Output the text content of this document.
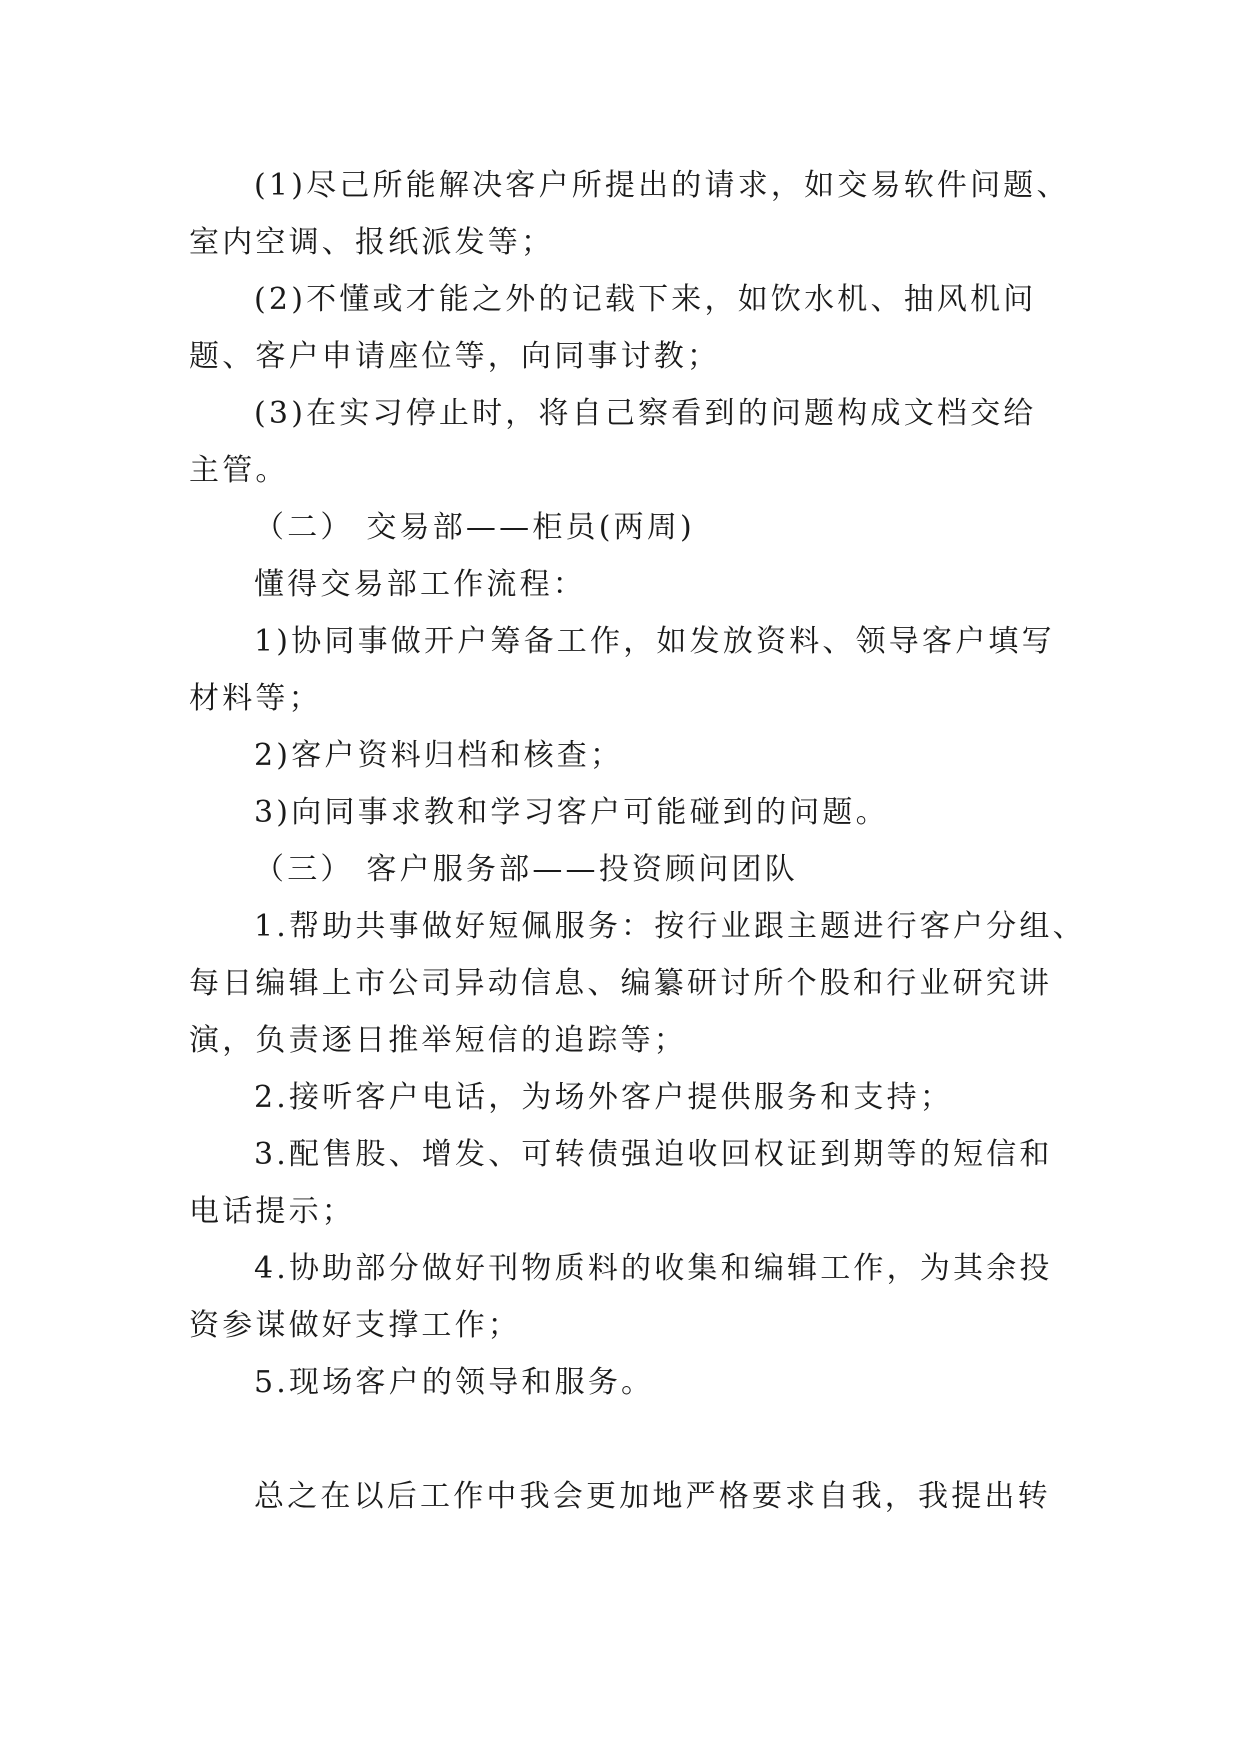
(1)尽己所能解决客户所提出的请求，如交易软件问题、
室内空调、报纸派发等；
(2)不懂或才能之外的记载下来，如饮水机、抽风机问
题、客户申请座位等，向同事讨教；
(3)在实习停止时，将自己察看到的问题构成文档交给
主管。
（二） 交易部——柜员(两周)
懂得交易部工作流程：
1)协同事做开户筹备工作，如发放资料、领导客户填写
材料等；
2)客户资料归档和核查；
3)向同事求教和学习客户可能碰到的问题。
（三） 客户服务部——投资顾问团队
1.帮助共事做好短佩服务：按行业跟主题进行客户分组、
每日编辑上市公司异动信息、编纂研讨所个股和行业研究讲
演，负责逐日推举短信的追踪等；
2.接听客户电话，为场外客户提供服务和支持；
3.配售股、增发、可转债强迫收回权证到期等的短信和
电话提示；
4.协助部分做好刊物质料的收集和编辑工作，为其余投
资参谋做好支撑工作；
5.现场客户的领导和服务。
总之在以后工作中我会更加地严格要求自我，我提出转
